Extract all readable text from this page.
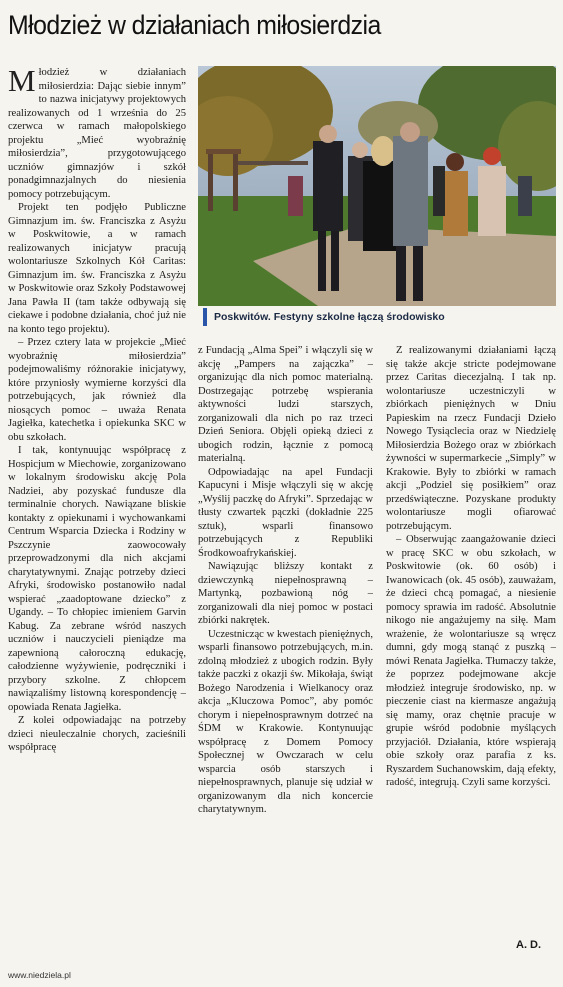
Młodzież w działaniach miłosierdzia

Młodzież w działaniach miłosierdzia: Dając siebie innym” to nazwa inicjatywy projektowych realizowanych od 1 września do 25 czerwca w ramach małopolskiego projektu „Mieć wyobraźnię miłosierdzia”, przygotowującego uczniów gimnazjów i szkół ponadgimnazjalnych do niesienia pomocy potrzebującym.

Projekt ten podjęło Publiczne Gimnazjum im. św. Franciszka z Asyżu w Poskwitowie, a w ramach realizowanych inicjatyw pracują wolontariusze Szkolnych Kół Caritas: Gimnazjum im. św. Franciszka z Asyżu w Poskwitowie oraz Szkoły Podstawowej Jana Pawła II (tam także odbywają się ciekawe i podobne działania, choć już nie na konto tego projektu).

– Przez cztery lata w projekcie „Mieć wyobraźnię miłosierdzia” podejmowaliśmy różnorakie inicjatywy, które przyniosły wymierne korzyści dla potrzebujących, jak również dla niosących pomoc – uważa Renata Jagiełka, katechetka i opiekunka SKC w obu szkołach.

I tak, kontynuując współpracę z Hospicjum w Miechowie, zorganizowano w lokalnym środowisku akcję Pola Nadziei, aby pozyskać fundusze dla terminalnie chorych. Nawiązane bliskie kontakty z opiekunami i wychowankami Centrum Wsparcia Dziecka i Rodziny w Pszczynie zaowocowały przeprowadzonymi dla nich akcjami charytatywnymi. Znając potrzeby dzieci Afryki, środowisko postanowiło nadal wspierać „zaadoptowane dziecko” z Ugandy. – To chłopiec imieniem Garvin Kabug. Za zebrane wśród naszych uczniów i nauczycieli pieniądze ma zapewnioną całoroczną edukację, całodzienne wyżywienie, podręczniki i przybory szkolne. Z chłopcem nawiązaliśmy listowną korespondencję – opowiada Renata Jagiełka.

Z kolei odpowiadając na potrzeby dzieci nieuleczalnie chorych, zacieśnili współpracę

Poskwitów. Festyny szkolne łączą środowisko

z Fundacją „Alma Spei” i włączyli się w akcję „Pampers na zajączka” – organizując dla nich pomoc materialną. Dostrzegając potrzebę wspierania aktywności ludzi starszych, zorganizowali dla nich po raz trzeci Dzień Seniora. Objęli opieką dzieci z ubogich rodzin, łącznie z pomocą materialną.

Odpowiadając na apel Fundacji Kapucyni i Misje włączyli się w akcję „Wyślij paczkę do Afryki”. Sprzedając w tłusty czwartek pączki (dokładnie 225 sztuk), wsparli finansowo potrzebujących z Republiki Środkowoafrykańskiej.

Nawiązując bliższy kontakt z dziewczynką niepełnosprawną – Martynką, pozbawioną nóg – zorganizowali dla niej pomoc w postaci zbiórki nakrętek.

Uczestnicząc w kwestach pieniężnych, wsparli finansowo potrzebujących, m.in. zdolną młodzież z ubogich rodzin. Były także paczki z okazji św. Mikołaja, świąt Bożego Narodzenia i Wielkanocy oraz akcja „Kluczowa Pomoc”, aby pomóc chorym i niepełnosprawnym dotrzeć na ŚDM w Krakowie. Kontynuując współpracę z Domem Pomocy Społecznej w Owczarach w celu wsparcia osób starszych i niepełnosprawnych, planuje się udział w organizowanym dla nich koncercie charytatywnym.

Z realizowanymi działaniami łączą się także akcje stricte podejmowane przez Caritas diecezjalną. I tak np. wolontariusze uczestniczyli w zbiórkach pieniężnych w Dniu Papieskim na rzecz Fundacji Dzieło Nowego Tysiąclecia oraz w Niedzielę Miłosierdzia Bożego oraz w zbiórkach żywności w supermarkecie „Simply” w Krakowie. Były to zbiórki w ramach akcji „Podziel się posiłkiem” oraz przedświąteczne. Pozyskane produkty wolontariusze mogli ofiarować potrzebującym.

– Obserwując zaangażowanie dzieci w pracę SKC w obu szkołach, w Poskwitowie (ok. 60 osób) i Iwanowicach (ok. 45 osób), zauważam, że dzieci chcą pomagać, a niesienie pomocy sprawia im radość. Absolutnie nikogo nie angażujemy na siłę. Mam wrażenie, że wolontariusze są wręcz dumni, gdy mogą stanąć z puszką – mówi Renata Jagiełka. Tłumaczy także, że poprzez podejmowane akcje młodzież integruje środowisko, np. w pieczenie ciast na kiermasze angażują się mamy, oraz chętnie pracuje w grupie wśród podobnie myślących przyjaciół. Działania, które wspierają obie szkoły oraz parafia z ks. Ryszardem Suchanowskim, dają efekty, radość, integrują. Czyli same korzyści.

A. D.
www.niedziela.pl
